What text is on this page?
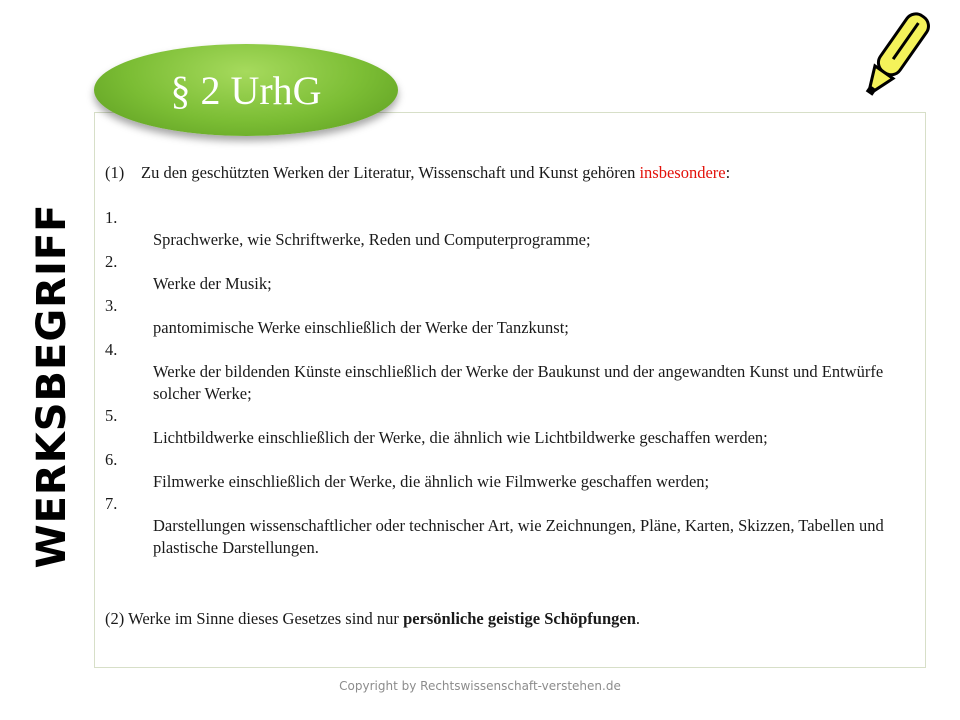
WERKSBEGRIFF
(1) Zu den geschützten Werken der Literatur, Wissenschaft und Kunst gehören insbesondere:
1.
Sprachwerke, wie Schriftwerke, Reden und Computerprogramme;
2.
Werke der Musik;
3.
pantomimische Werke einschließlich der Werke der Tanzkunst;
4.
Werke der bildenden Künste einschließlich der Werke der Baukunst und der angewandten Kunst und Entwürfe solcher Werke;
5.
Lichtbildwerke einschließlich der Werke, die ähnlich wie Lichtbildwerke geschaffen werden;
6.
Filmwerke einschließlich der Werke, die ähnlich wie Filmwerke geschaffen werden;
7.
Darstellungen wissenschaftlicher oder technischer Art, wie Zeichnungen, Pläne, Karten, Skizzen, Tabellen und plastische Darstellungen.
(2) Werke im Sinne dieses Gesetzes sind nur persönliche geistige Schöpfungen.
§ 2 UrhG
Copyright by Rechtswissenschaft-verstehen.de
